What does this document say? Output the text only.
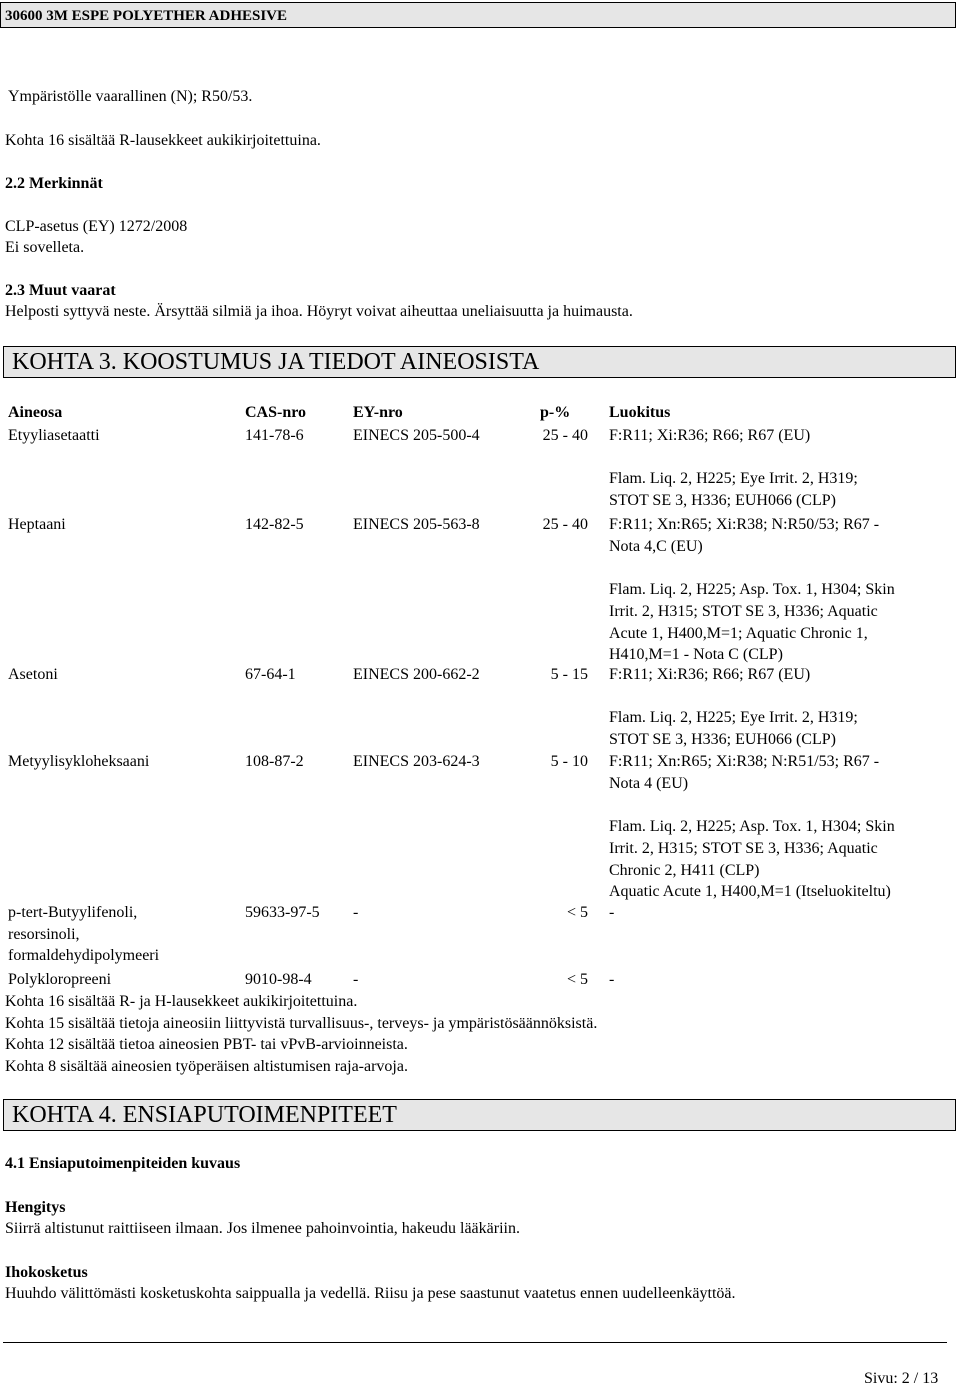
30600 3M ESPE POLYETHER ADHESIVE
Ympäristölle vaarallinen (N); R50/53.
Kohta 16 sisältää R-lausekkeet aukikirjoitettuina.
2.2 Merkinnät
CLP-asetus (EY) 1272/2008
Ei sovelleta.
2.3 Muut vaarat
Helposti syttyvä neste. Ärsyttää silmiä ja ihoa. Höyryt voivat aiheuttaa uneliaisuutta ja huimausta.
KOHTA 3. KOOSTUMUS JA TIEDOT AINEOSISTA
Aineosa	CAS-nro	EY-nro	p-% Luokitus
Etyyliasetaatti	141-78-6	EINECS 205-500-4	25 - 40 F:R11; Xi:R36; R66; R67 (EU)
Flam. Liq. 2, H225; Eye Irrit. 2, H319;
STOT SE 3, H336; EUH066 (CLP)
Heptaani	142-82-5	EINECS 205-563-8	25 - 40 F:R11; Xn:R65; Xi:R38; N:R50/53; R67 -
Nota 4,C (EU)
Flam. Liq. 2, H225; Asp. Tox. 1, H304; Skin
Irrit. 2, H315; STOT SE 3, H336; Aquatic
Acute 1, H400,M=1; Aquatic Chronic 1,
H410,M=1 - Nota C (CLP)
Asetoni	67-64-1	EINECS 200-662-2	5 - 15 F:R11; Xi:R36; R66; R67 (EU)
Flam. Liq. 2, H225; Eye Irrit. 2, H319;
STOT SE 3, H336; EUH066 (CLP)
Metyylisykloheksaani	108-87-2	EINECS 203-624-3	5 - 10 F:R11; Xn:R65; Xi:R38; N:R51/53; R67 -
Nota 4 (EU)
Flam. Liq. 2, H225; Asp. Tox. 1, H304; Skin
Irrit. 2, H315; STOT SE 3, H336; Aquatic
Chronic 2, H411 (CLP)
Aquatic Acute 1, H400,M=1 (Itseluokiteltu)
p-tert-Butyylifenoli,
resorsinoli,
formaldehydipolymeeri
59633-97-5 -	< 5 -
Polykloropreeni	9010-98-4	-	< 5 -
Kohta 16 sisältää R- ja H-lausekkeet aukikirjoitettuina.
Kohta 15 sisältää tietoja aineosiin liittyvistä turvallisuus-, terveys- ja ympäristösäännöksistä.
Kohta 12 sisältää tietoa aineosien PBT- tai vPvB-arvioinneista.
Kohta 8 sisältää aineosien työperäisen altistumisen raja-arvoja.
KOHTA 4. ENSIAPUTOIMENPITEET
4.1 Ensiaputoimenpiteiden kuvaus
Hengitys
Siirrä altistunut raittiiseen ilmaan. Jos ilmenee pahoinvointia, hakeudu lääkäriin.
Ihokosketus
Huuhdo välittömästi kosketuskohta saippualla ja vedellä. Riisu ja pese saastunut vaatetus ennen uudelleenkäyttöä.
Sivu: 2 / 13
